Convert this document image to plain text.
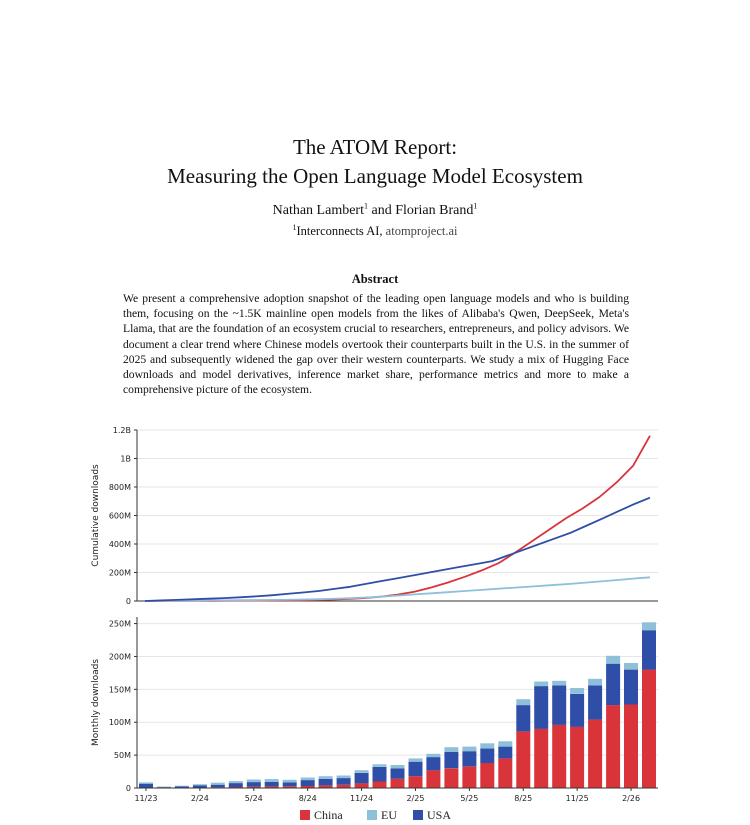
The ATOM Report:
Measuring the Open Language Model Ecosystem
Nathan Lambert$^1$ and Florian Brand$^1$
$^1$Interconnects AI, atomproject.ai
Abstract
We present a comprehensive adoption snapshot of the leading open language models and who is building them, focusing on the ~1.5K mainline open models from the likes of Alibaba's Qwen, DeepSeek, Meta's Llama, that are the foundation of an ecosystem crucial to researchers, entrepreneurs, and policy advisors. We document a clear trend where Chinese models overtook their counterparts built in the U.S. in the summer of 2025 and subsequently widened the gap over their western counterparts. We study a mix of Hugging Face downloads and model derivatives, inference market share, performance metrics and more to make a comprehensive picture of the ecosystem.
0
200M
400M
600M
800M
1B
1.2B
Cumulative downloads
0
50M
100M
150M
200M
250M
Monthly downloads
11/23	2/24	5/24	8/24	11/24	2/25	5/25	8/25	11/25	2/26
China	EU	USA
